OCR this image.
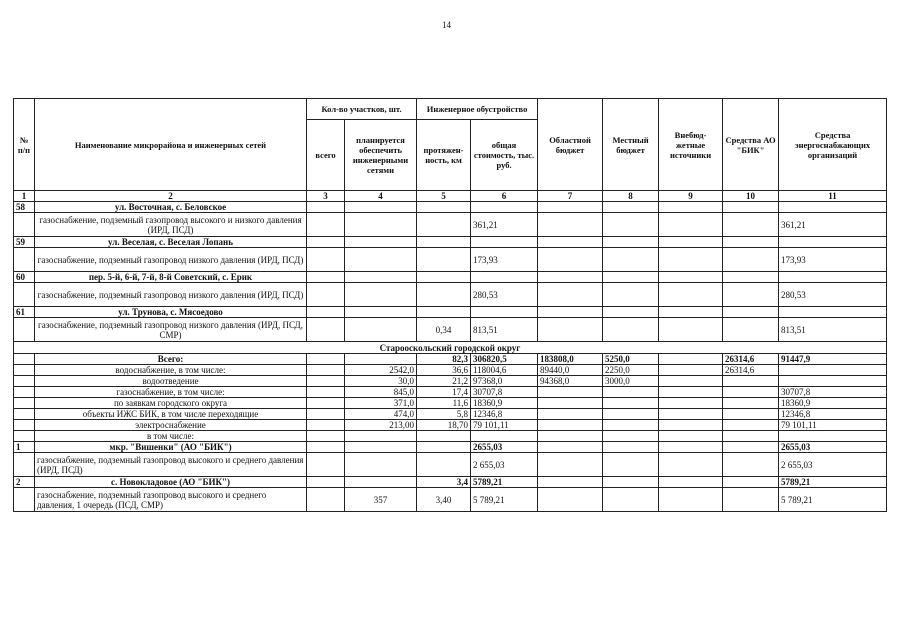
14
№ п/п	Наименование микрорайона и инженерных сетей	Кол-во участков, шт.		Инженерное обустройство		Областной бюджет	Местный бюджет	Внебюд-жетные источники	Средства АО "БИК"	Средства энергоснабжающих организаций
		всего	планируется обеспечить инженерными сетями	протяжен-ность, км	общая стоимость, тыс. руб.					
1	2	3	4	5	6	7	8	9	10	11
58	ул. Восточная, с. Беловское									
	газоснабжение, подземный газопровод высокого и низкого давления (ИРД, ПСД)				361,21					361,21
59	ул. Веселая, с. Веселая Лопань									
	газоснабжение, подземный газопровод низкого давления (ИРД, ПСД)				173,93					173,93
60	пер. 5-й, 6-й, 7-й, 8-й Советский, с. Ерик									
	газоснабжение, подземный газопровод низкого давления (ИРД, ПСД)				280,53					280,53
61	ул. Трунова, с. Мясоедово									
	газоснабжение, подземный газопровод низкого давления (ИРД, ПСД, СМР)			0,34	813,51					813,51
Старооскольский городской округ										
	Всего:			82,3	306820,5	183808,0	5250,0		26314,6	91447,9
	водоснабжение, в том числе:		2542,0	36,6	118004,6	89440,0	2250,0		26314,6	
	водоотведение		30,0	21,2	97368,0	94368,0	3000,0			
	газоснабжение, в том числе:		845,0	17,4	30707,8					30707,8
	по заявкам городского округа		371,0	11,6	18360,9					18360,9
	объекты ИЖС БИК, в том числе переходящие		474,0	5,8	12346,8					12346,8
	электроснабжение		213,00	18,70	79 101,11					79 101,11
	в том числе:									
1	мкр. "Вишенки" (АО "БИК")				2655,03					2655,03
	газоснабжение, подземный газопровод высокого и среднего давления (ИРД, ПСД)				2 655,03					2 655,03
2	с. Новокладовое (АО "БИК")			3,4	5789,21					5789,21
	газоснабжение, подземный газопровод высокого и среднего давления, 1 очередь (ПСД, СМР)		357	3,40	5 789,21					5 789,21
